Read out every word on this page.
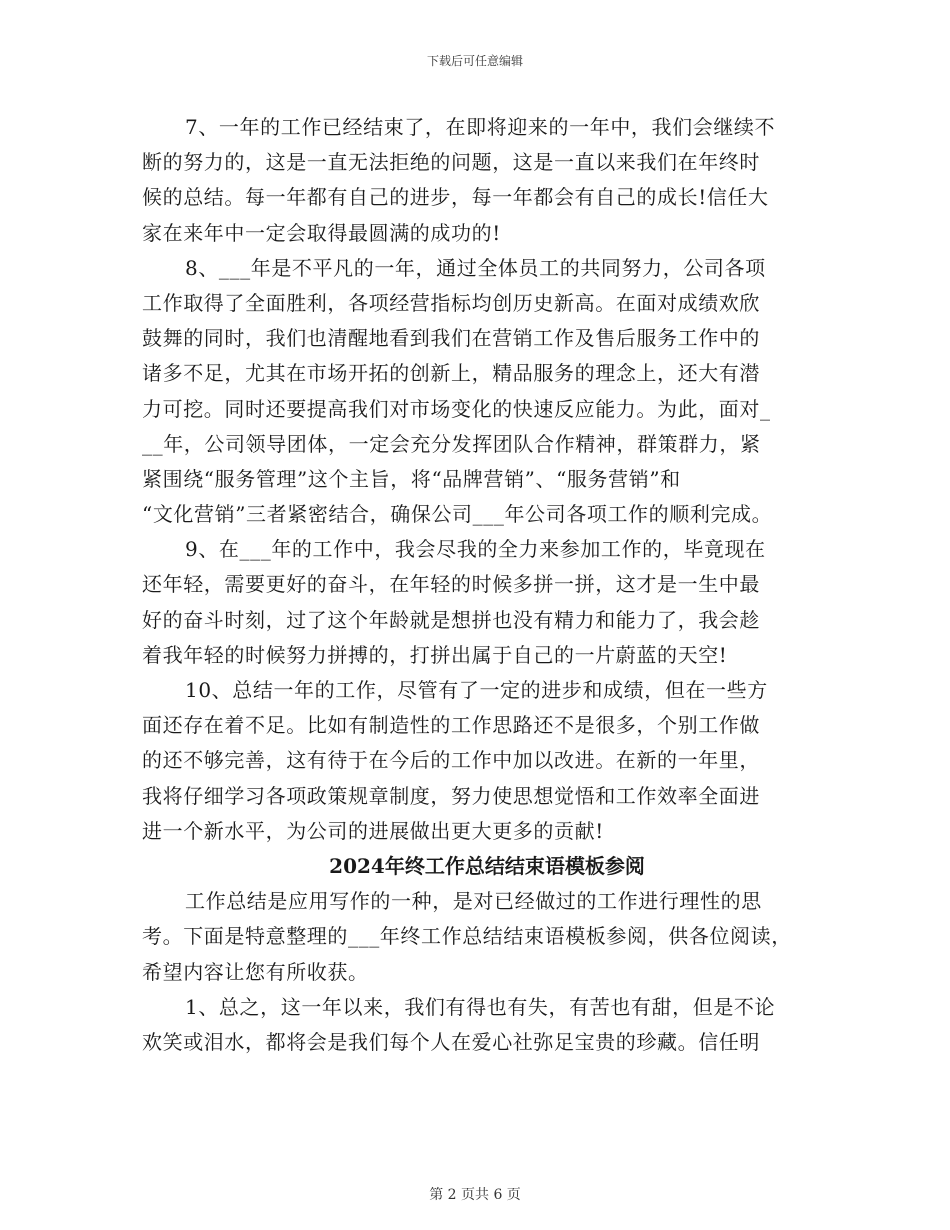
下载后可任意编辑
7、一年的工作已经结束了，在即将迎来的一年中，我们会继续不
断的努力的，这是一直无法拒绝的问题，这是一直以来我们在年终时
候的总结。每一年都有自己的进步，每一年都会有自己的成长!信任大
家在来年中一定会取得最圆满的成功的!
8、___年是不平凡的一年，通过全体员工的共同努力，公司各项
工作取得了全面胜利，各项经营指标均创历史新高。在面对成绩欢欣
鼓舞的同时，我们也清醒地看到我们在营销工作及售后服务工作中的
诸多不足，尤其在市场开拓的创新上，精品服务的理念上，还大有潜
力可挖。同时还要提高我们对市场变化的快速反应能力。为此，面对_
__年，公司领导团体，一定会充分发挥团队合作精神，群策群力，紧
紧围绕“服务管理”这个主旨，将“品牌营销”、“服务营销”和
“文化营销”三者紧密结合，确保公司___年公司各项工作的顺利完成。
9、在___年的工作中，我会尽我的全力来参加工作的，毕竟现在
还年轻，需要更好的奋斗，在年轻的时候多拼一拼，这才是一生中最
好的奋斗时刻，过了这个年龄就是想拼也没有精力和能力了，我会趁
着我年轻的时候努力拼搏的，打拼出属于自己的一片蔚蓝的天空!
10、总结一年的工作，尽管有了一定的进步和成绩，但在一些方
面还存在着不足。比如有制造性的工作思路还不是很多，个别工作做
的还不够完善，这有待于在今后的工作中加以改进。在新的一年里，
我将仔细学习各项政策规章制度，努力使思想觉悟和工作效率全面进
进一个新水平，为公司的进展做出更大更多的贡献!
2024年终工作总结结束语模板参阅
工作总结是应用写作的一种，是对已经做过的工作进行理性的思
考。下面是特意整理的___年终工作总结结束语模板参阅，供各位阅读，
希望内容让您有所收获。
1、总之，这一年以来，我们有得也有失，有苦也有甜，但是不论
欢笑或泪水，都将会是我们每个人在爱心社弥足宝贵的珍藏。信任明
第 2 页共 6 页
